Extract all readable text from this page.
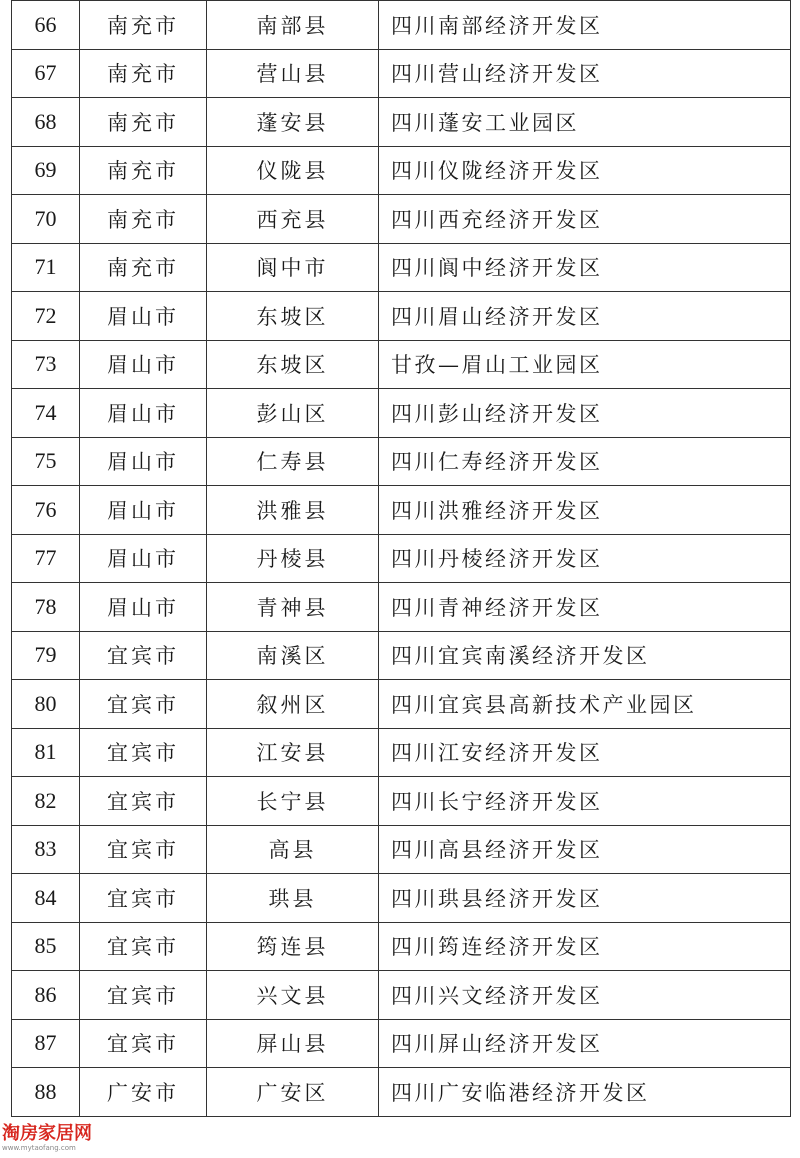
66	南充市	南部县	四川南部经济开发区
67	南充市	营山县	四川营山经济开发区
68	南充市	蓬安县	四川蓬安工业园区
69	南充市	仪陇县	四川仪陇经济开发区
70	南充市	西充县	四川西充经济开发区
71	南充市	阆中市	四川阆中经济开发区
72	眉山市	东坡区	四川眉山经济开发区
73	眉山市	东坡区	甘孜—眉山工业园区
74	眉山市	彭山区	四川彭山经济开发区
75	眉山市	仁寿县	四川仁寿经济开发区
76	眉山市	洪雅县	四川洪雅经济开发区
77	眉山市	丹棱县	四川丹棱经济开发区
78	眉山市	青神县	四川青神经济开发区
79	宜宾市	南溪区	四川宜宾南溪经济开发区
80	宜宾市	叙州区	四川宜宾县高新技术产业园区
81	宜宾市	江安县	四川江安经济开发区
82	宜宾市	长宁县	四川长宁经济开发区
83	宜宾市	高县	四川高县经济开发区
84	宜宾市	珙县	四川珙县经济开发区
85	宜宾市	筠连县	四川筠连经济开发区
86	宜宾市	兴文县	四川兴文经济开发区
87	宜宾市	屏山县	四川屏山经济开发区
88	广安市	广安区	四川广安临港经济开发区
淘房家居网
www.mytaofang.com
